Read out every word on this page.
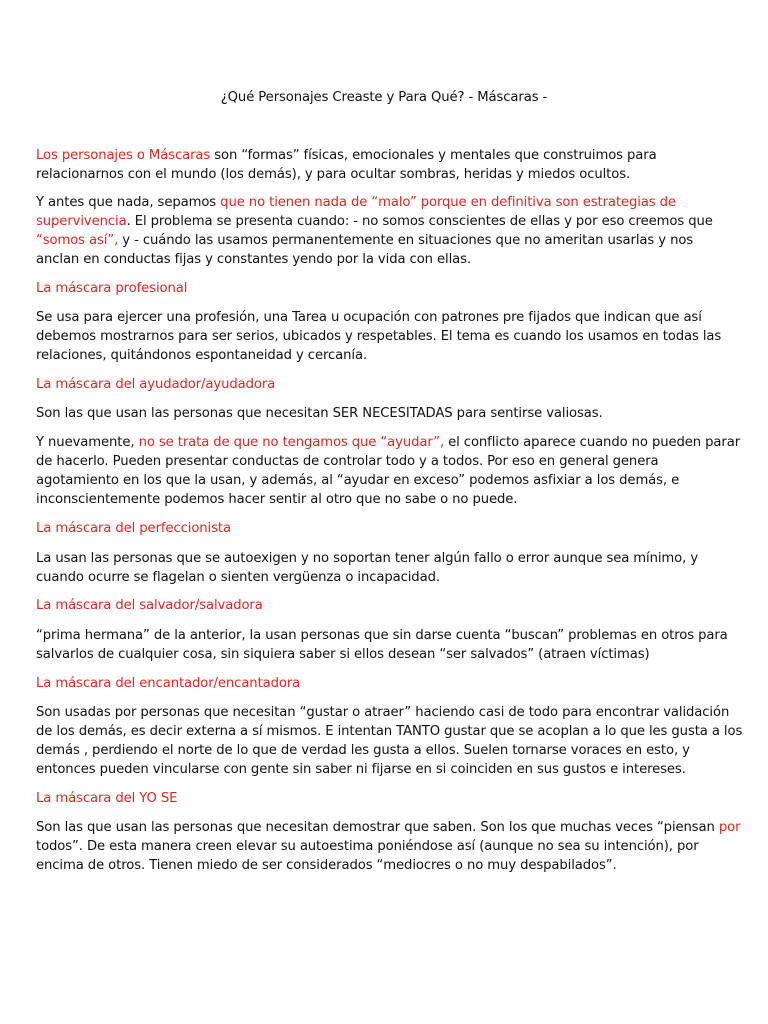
¿Qué Personajes Creaste y Para Qué? - Máscaras -

Los personajes o Máscaras son “formas” físicas, emocionales y mentales que construimos para

relacionarnos con el mundo (los demás), y para ocultar sombras, heridas y miedos ocultos.

Y antes que nada, sepamos que no tienen nada de “malo” porque en definitiva son estrategias de

supervivencia. El problema se presenta cuando: - no somos conscientes de ellas y por eso creemos que

“somos así”, y - cuándo las usamos permanentemente en situaciones que no ameritan usarlas y nos

anclan en conductas fijas y constantes yendo por la vida con ellas.

La máscara profesional

Se usa para ejercer una profesión, una Tarea u ocupación con patrones pre fijados que indican que así

debemos mostrarnos para ser serios, ubicados y respetables. El tema es cuando los usamos en todas las

relaciones, quitándonos espontaneidad y cercanía.

La máscara del ayudador/ayudadora

Son las que usan las personas que necesitan SER NECESITADAS para sentirse valiosas.

Y nuevamente, no se trata de que no tengamos que “ayudar”, el conflicto aparece cuando no pueden parar

de hacerlo. Pueden presentar conductas de controlar todo y a todos. Por eso en general genera

agotamiento en los que la usan, y además, al “ayudar en exceso” podemos asfixiar a los demás, e

inconscientemente podemos hacer sentir al otro que no sabe o no puede.

La máscara del perfeccionista

La usan las personas que se autoexigen y no soportan tener algún fallo o error aunque sea mínimo, y

cuando ocurre se flagelan o sienten vergüenza o incapacidad.

La máscara del salvador/salvadora

“prima hermana” de la anterior, la usan personas que sin darse cuenta “buscan” problemas en otros para

salvarlos de cualquier cosa, sin siquiera saber si ellos desean “ser salvados” (atraen víctimas)

La máscara del encantador/encantadora

Son usadas por personas que necesitan “gustar o atraer” haciendo casi de todo para encontrar validación

de los demás, es decir externa a sí mismos. E intentan TANTO gustar que se acoplan a lo que les gusta a los

demás , perdiendo el norte de lo que de verdad les gusta a ellos. Suelen tornarse voraces en esto, y

entonces pueden vincularse con gente sin saber ni fijarse en si coinciden en sus gustos e intereses.

La máscara del YO SE

Son las que usan las personas que necesitan demostrar que saben. Son los que muchas veces “piensan por

todos”. De esta manera creen elevar su autoestima poniéndose así (aunque no sea su intención), por

encima de otros. Tienen miedo de ser considerados “mediocres o no muy despabilados”.
